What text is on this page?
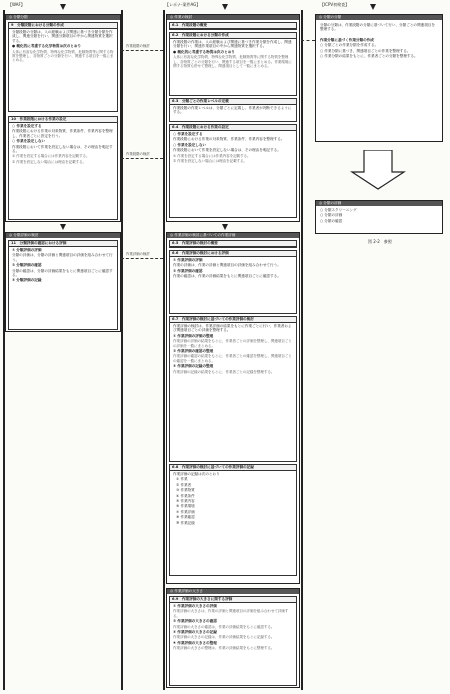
【WAF】	【レポナ-案件AG】	【ICPV初検査】
◎ 分類分類
9　分類段階における分類の作成

分類段階の分類は、入の経験および関連に基づき分類分類を作成し、関連分類を行い、関連分類項目の中から関連物質を選択する。

● 概化的に考慮する化学物質は次のとおり

人体に有害な化学物質、特殊な化学物質、危険物質等に関する物質を整理し、各物質ごとの分類を行い、関連する項目を一覧にまとめる。

10　作業段階における作業の設定

○ 作業を設定する

作業段階における作業の対象物質、作業条件、作業内容を整理し、作業者ごとに設定を行う。

○ 作業を設定しない

作業段階において作業を設定しない場合は、その理由を明記する。

① 作業を設定する場合には作業内容を記載する。

② 作業を設定しない場合には理由を記載する。

◎ 分類評価の検討
11　分類評価の確認における評価

① 分類評価の評価

分類の評価は、分類の評価と関連項目の評価を組み合わせて行う。

② 分類評価の確認

分類の確認は、分類の評価結果をもとに関連項目ごとに確認する。

③ 分類評価の記録

作業段階の検討
作業段階の検討
作業評価の検討
◎ 作業の検討
6.1　作業段階の概要
6.2　作業段階における分類の作成

作業段階の作業は、入の経験および関連に基づき作業分類を作成し、関連分類を行い、関連作業項目の中から関連物質を選択する。

● 概化的に考慮する物質は次のとおり

人体に有害な化学物質、特殊な化学物質、危険物質等に関する物質を整理し、各物質ごとの分類を行い、関連する項目を一覧にまとめる。作業環境に関する物質も併せて整理し、関連項目として一覧にまとめる。

6.3　分類ごとの作業レベルの定義

作業段階の作業レベルは、分類ごとに定義し、作業者が判断できるようにする。

6.4　作業段階における作業の設定

○ 作業を設定する

作業段階における作業の対象物質、作業条件、作業内容を整理する。

○ 作業を設定しない

作業段階において作業を設定しない場合は、その理由を明記する。

① 作業を設定する場合には作業内容を記載する。

② 作業を設定しない場合には理由を記載する。

◎ 作業評価の検討に基づいての作業評価
6.5　作業評価の検討の概要
6.6　作業評価の検討における評価

① 作業評価の評価

作業の評価は、作業の評価と関連項目の評価を組み合わせて行う。

② 作業評価の確認

作業の確認は、作業の評価結果をもとに関連項目ごとに確認する。

6.7　作業評価の検討に基づいての作業評価の検討

作業評価の検討は、作業評価の結果をもとに作業ごとに行い、作業者および関連項目ごとの評価を整理する。

① 作業評価の評価の整理

作業評価の評価の結果をもとに、作業者ごとの評価を整理し、関連項目ごとの評価を一覧にまとめる。

② 作業評価の確認の整理

作業評価の確認の結果をもとに、作業者ごとの確認を整理し、関連項目ごとの確認を一覧にまとめる。

③ 作業評価の記録の整理

作業評価の記録の結果をもとに、作業者ごとの記録を整理する。

6.8　作業評価の検討に基づいての作業評価の記録

作業評価の記録は次のとおり

① 作業
② 作業者
③ 作業物質
④ 作業条件
⑤ 作業内容
⑥ 作業環境
⑦ 作業評価
⑧ 作業確認
⑨ 作業記録
◎ 作業評価の大きさ
6.9　作業評価の大きさに関する評価

① 作業評価の大きさの評価

作業評価の大きさは、作業の評価と関連項目の評価を組み合わせて評価する。

② 作業評価の大きさの確認

作業評価の大きさの確認は、作業の評価結果をもとに確認する。

③ 作業評価の大きさの記録

作業評価の大きさの記録は、作業の評価結果をもとに記録する。

④ 作業評価の大きさの整理

作業評価の大きさの整理は、作業の評価結果をもとに整理する。

◎ 分類の分類

分類の分類は、作業段階の分類に基づいて行い、分類ごとの関連項目を整理する。

作業分類に基づく作業分類の作成

○ 分類ごとの作業分類を作成する。

○ 作業分類に基づき、関連項目ごとの作業を整理する。

○ 作業分類の結果をもとに、作業者ごとの分類を整理する。

◎ 分類の評価

○ 分類スクリーニング

○ 分類の評価

○ 分類の確認

図 2-2　参照
